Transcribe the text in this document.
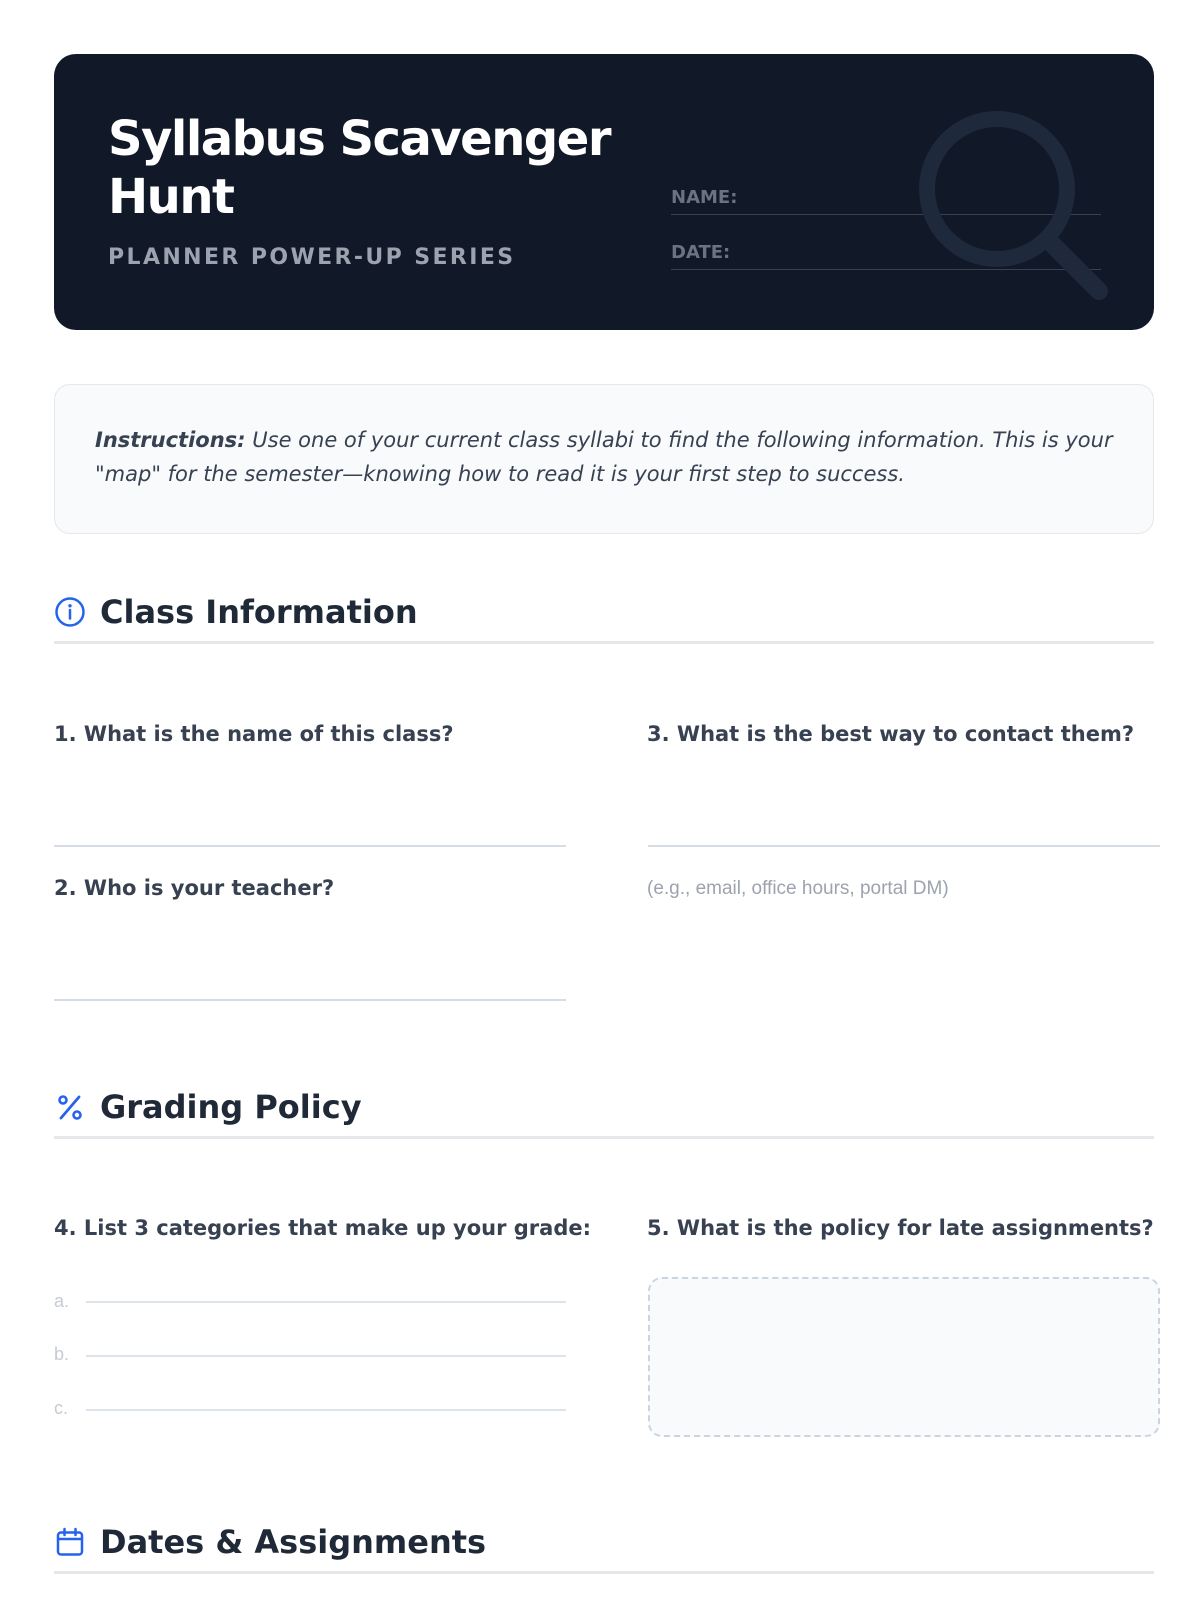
Syllabus Scavenger Hunt
PLANNER POWER-UP SERIES
NAME:
DATE:

Instructions: Use one of your current class syllabi to find the following information. This is your "map" for the semester—knowing how to read it is your first step to success.

Class Information
1. What is the name of this class?
2. Who is your teacher?
3. What is the best way to contact them?
(e.g., email, office hours, portal DM)
Grading Policy
4. List 3 categories that make up your grade:
a.
b.
c.
5. What is the policy for late assignments?
Dates & Assignments
